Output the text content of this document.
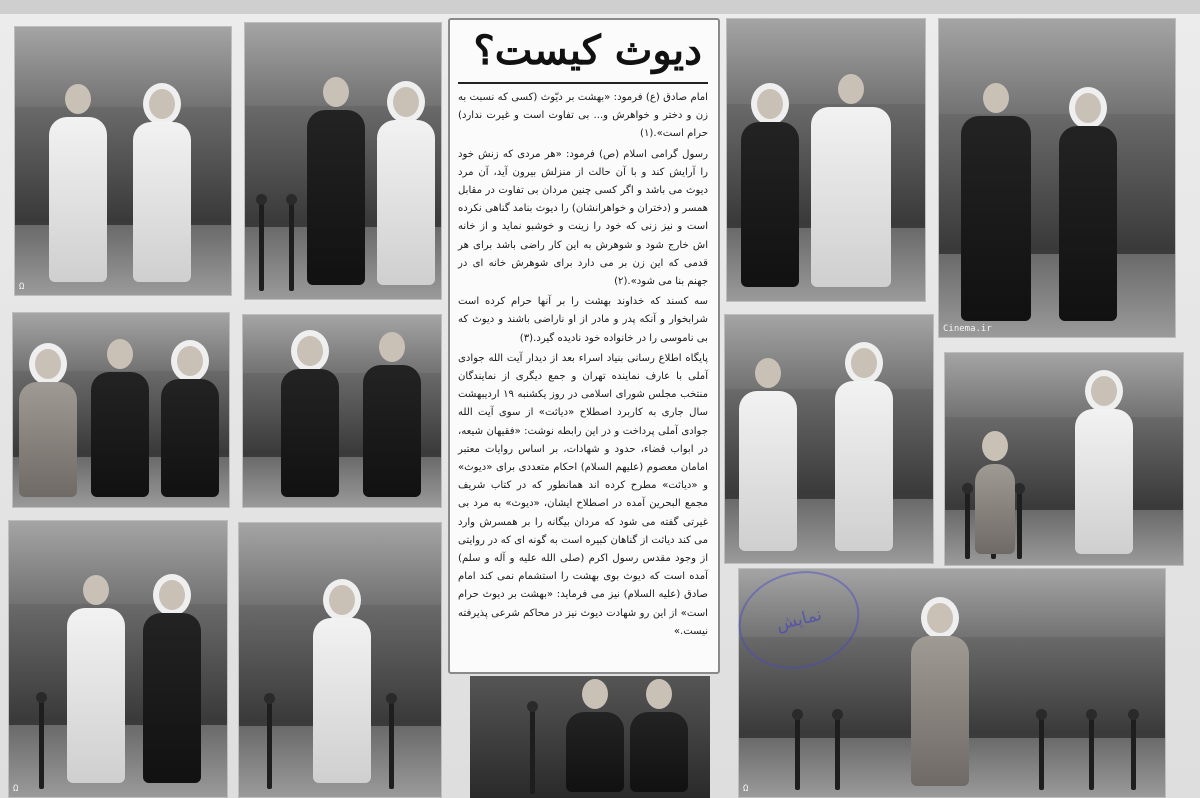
Ω
Ω
دیوث کیست؟

امام صادق (ع) فرمود: «بهشت بر دیّوث (کسی که نسبت به زن و دختر و خواهرش و... بی تفاوت است و غیرت ندارد) حرام است».(۱)

رسول گرامی اسلام (ص) فرمود: «هر مردی که زنش خود را آرایش کند و با آن حالت از منزلش بیرون آید، آن مرد دیوث می باشد و اگر کسی چنین مردان بی تفاوت در مقابل همسر و (دختران و خواهرانشان) را دیوث بنامد گناهی نکرده است و نیز زنی که خود را زینت و خوشبو نماید و از خانه اش خارج شود و شوهرش به این کار راضی باشد برای هر قدمی که این زن بر می دارد برای شوهرش خانه ای در جهنم بنا می شود».(۲)

سه کسند که خداوند بهشت را بر آنها حرام کرده است شرابخوار و آنکه پدر و مادر از او ناراضی باشند و دیوث که بی ناموسی را در خانواده خود نادیده گیرد.(۳)

پایگاه اطلاع رسانی بنیاد اسراء بعد از دیدار آیت الله جوادی آملی با عارف نماینده تهران و جمع دیگری از نمایندگان منتخب مجلس شورای اسلامی در روز یکشنبه ۱۹ اردیبهشت سال جاری به کاربرد اصطلاح «دیاثت» از سوی آیت الله جوادی آملی پرداخت و در این رابطه نوشت: «فقیهان شیعه، در ابواب قضاء، حدود و شهادات، بر اساس روایات معتبر امامان معصوم (علیهم السلام) احکام متعددی برای «دیوث» و «دیاثت» مطرح کرده اند همانطور که در کتاب شریف مجمع البحرین آمده در اصطلاح ایشان، «دیوث» به مرد بی غیرتی گفته می شود که مردان بیگانه را بر همسرش وارد می کند دیاثت از گناهان کبیره است به گونه ای که در روایتی از وجود مقدس رسول اکرم (صلی الله علیه و آله و سلم) آمده است که دیوث بوی بهشت را استشمام نمی کند امام صادق (علیه السلام) نیز می فرماید: «بهشت بر دیوث حرام است» از این رو شهادت دیوث نیز در محاکم شرعی پذیرفته نیست.»

Cinema.ir
Ω
نمایش
